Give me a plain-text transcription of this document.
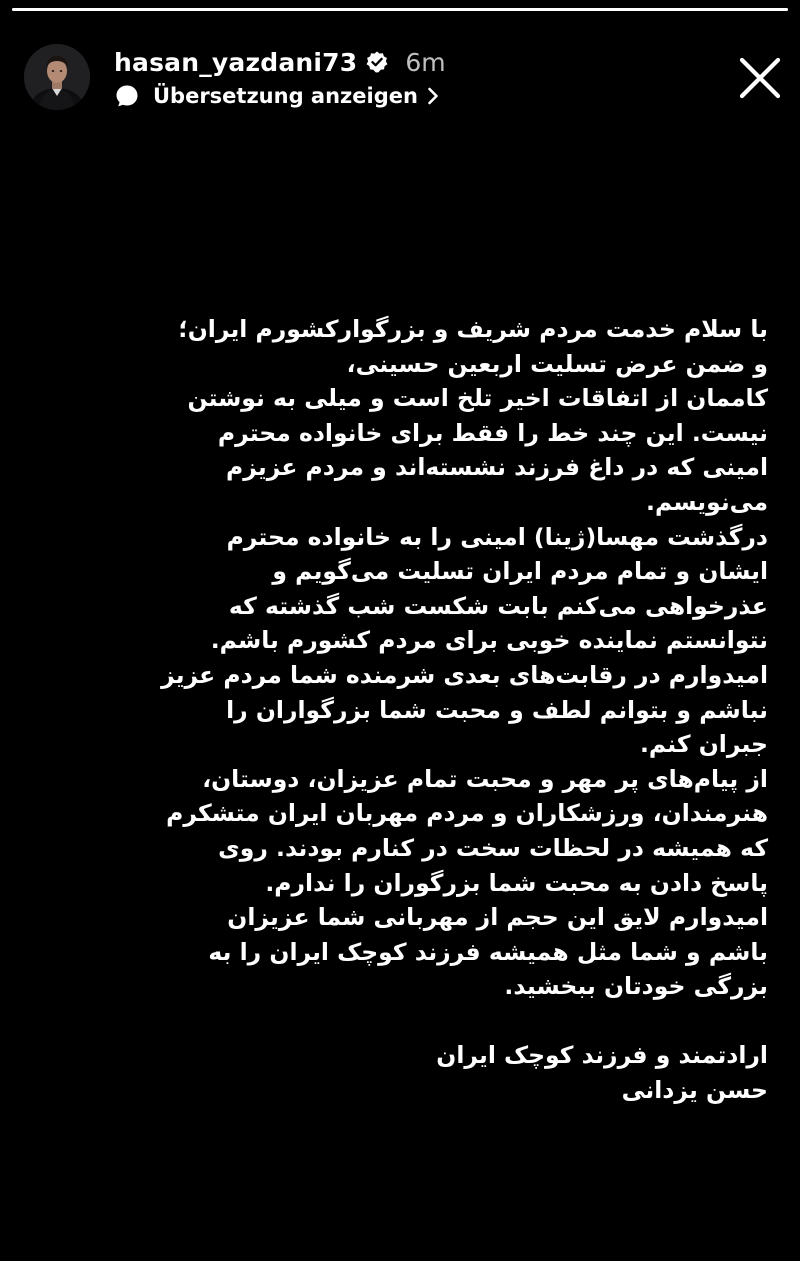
hasan_yazdani73 6m
Übersetzung anzeigen
با سلام خدمت مردم شریف و بزرگوارکشورم ایران؛
و ضمن عرض تسلیت اربعین حسینی،
کاممان از اتفاقات اخیر تلخ است و میلی به نوشتن
نیست. این چند خط را فقط برای خانواده محترم
امینی که در داغ فرزند نشسته‌اند و مردم عزیزم
می‌نویسم.
درگذشت مهسا(ژینا) امینی را به خانواده محترم
ایشان و تمام مردم ایران تسلیت می‌گویم و
عذرخواهی می‌کنم بابت شکست شب گذشته که
نتوانستم نماینده خوبی برای مردم کشورم باشم.
امیدوارم در رقابت‌های بعدی شرمنده شما مردم عزیز
نباشم و بتوانم لطف و محبت شما بزرگواران را
جبران کنم.
از پیام‌های پر مهر و محبت تمام عزیزان، دوستان،
هنرمندان، ورزشکاران و مردم مهربان ایران متشکرم
که همیشه در لحظات سخت در کنارم بودند. روی
پاسخ دادن به محبت شما بزرگوران را ندارم.
امیدوارم لایق این حجم از مهربانی شما عزیزان
باشم و شما مثل همیشه فرزند کوچک ایران را به
بزرگی خودتان ببخشید.
ارادتمند و فرزند کوچک ایران
حسن یزدانی
